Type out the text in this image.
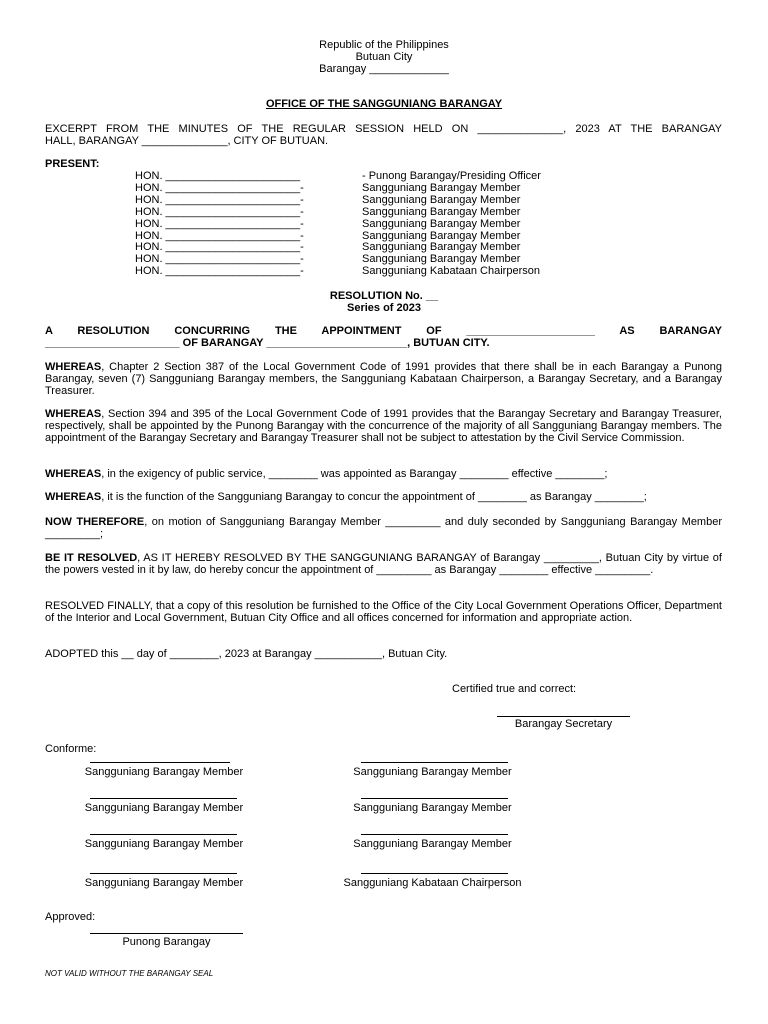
Republic of the Philippines
Butuan City
Barangay _____________
OFFICE OF THE SANGGUNIANG BARANGAY
EXCERPT FROM THE MINUTES OF THE REGULAR SESSION HELD ON ______________, 2023 AT THE BARANGAY
HALL, BARANGAY ______________, CITY OF BUTUAN.
PRESENT:
HON. ______________________	- Punong Barangay/Presiding Officer
HON. ______________________-	Sangguniang Barangay Member
HON. ______________________-	Sangguniang Barangay Member
HON. ______________________-	Sangguniang Barangay Member
HON. ______________________-	Sangguniang Barangay Member
HON. ______________________-	Sangguniang Barangay Member
HON. ______________________-	Sangguniang Barangay Member
HON. ______________________-	Sangguniang Barangay Member
HON. ______________________-	Sangguniang Kabataan Chairperson
RESOLUTION No. __
Series of 2023
A RESOLUTION CONCURRING THE APPOINTMENT OF _____________________ AS BARANGAY
______________________ OF BARANGAY _______________________, BUTUAN CITY.
WHEREAS, Chapter 2 Section 387 of the Local Government Code of 1991 provides that there shall be in each Barangay a Punong Barangay, seven (7) Sangguniang Barangay members, the Sangguniang Kabataan Chairperson, a Barangay Secretary, and a Barangay Treasurer.
WHEREAS, Section 394 and 395 of the Local Government Code of 1991 provides that the Barangay Secretary and Barangay Treasurer, respectively, shall be appointed by the Punong Barangay with the concurrence of the majority of all Sangguniang Barangay members. The appointment of the Barangay Secretary and Barangay Treasurer shall not be subject to attestation by the Civil Service Commission.
WHEREAS, in the exigency of public service, ________ was appointed as Barangay ________ effective ________;
WHEREAS, it is the function of the Sangguniang Barangay to concur the appointment of ________ as Barangay ________;
NOW THEREFORE, on motion of Sangguniang Barangay Member _________ and duly seconded by Sangguniang Barangay Member _________;
BE IT RESOLVED, AS IT HEREBY RESOLVED BY THE SANGGUNIANG BARANGAY of Barangay _________, Butuan City by virtue of the powers vested in it by law, do hereby concur the appointment of _________ as Barangay ________ effective _________.
RESOLVED FINALLY, that a copy of this resolution be furnished to the Office of the City Local Government Operations Officer, Department of the Interior and Local Government, Butuan City Office and all offices concerned for information and appropriate action.
ADOPTED this __ day of ________, 2023 at Barangay ___________, Butuan City.
Certified true and correct:
Barangay Secretary
Conforme:
Sangguniang Barangay Member
Sangguniang Barangay Member
Sangguniang Barangay Member
Sangguniang Barangay Member
Sangguniang Barangay Member
Sangguniang Barangay Member
Sangguniang Barangay Member
Sangguniang Kabataan Chairperson
Approved:
Punong Barangay
NOT VALID WITHOUT THE BARANGAY SEAL
